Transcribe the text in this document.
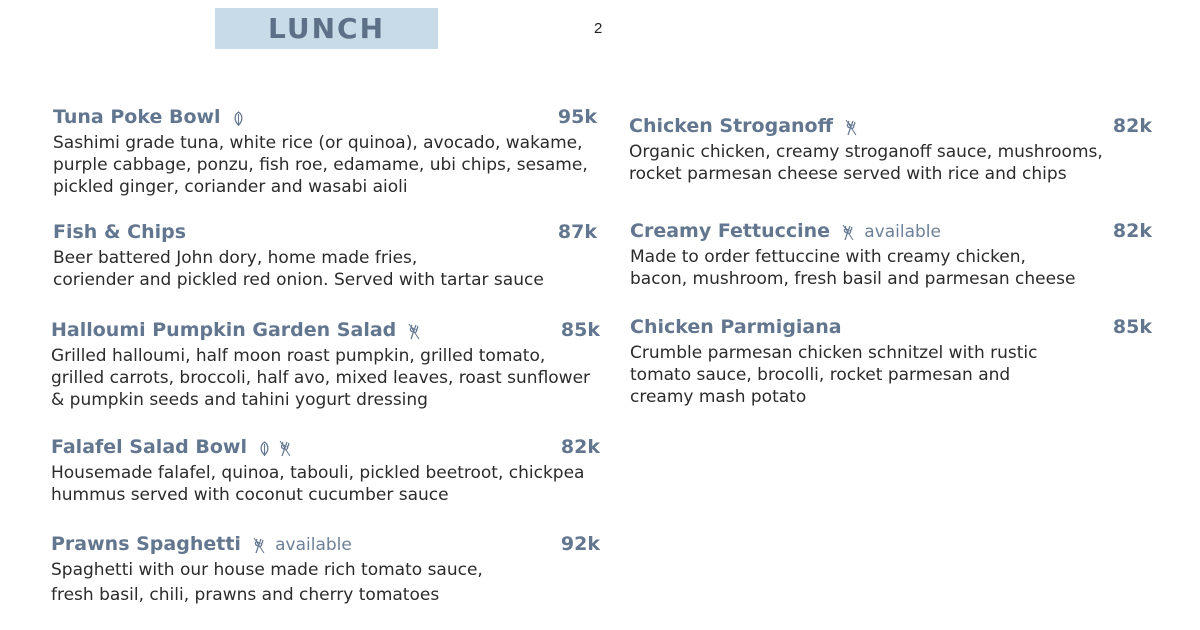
LUNCH	2
Tuna Poke Bowl	95k
Sashimi grade tuna, white rice (or quinoa), avocado, wakame,
purple cabbage, ponzu, fish roe, edamame, ubi chips, sesame,
pickled ginger, coriander and wasabi aioli
Fish & Chips	87k
Beer battered John dory, home made fries,
coriender and pickled red onion. Served with tartar sauce
Halloumi Pumpkin Garden Salad	85k
Grilled halloumi, half moon roast pumpkin, grilled tomato,
grilled carrots, broccoli, half avo, mixed leaves, roast sunflower
& pumpkin seeds and tahini yogurt dressing
Falafel Salad Bowl
	82k
Housemade falafel, quinoa, tabouli, pickled beetroot, chickpea
hummus served with coconut cucumber sauce
Prawns Spaghetti available	92k
Spaghetti with our house made rich tomato sauce,
fresh basil, chili, prawns and cherry tomatoes
Chicken Stroganoff	82k
Organic chicken, creamy stroganoff sauce, mushrooms,
rocket parmesan cheese served with rice and chips
Creamy Fettuccine available	82k
Made to order fettuccine with creamy chicken,
bacon, mushroom, fresh basil and parmesan cheese
Chicken Parmigiana	85k
Crumble parmesan chicken schnitzel with rustic
tomato sauce, brocolli, rocket parmesan and
creamy mash potato
